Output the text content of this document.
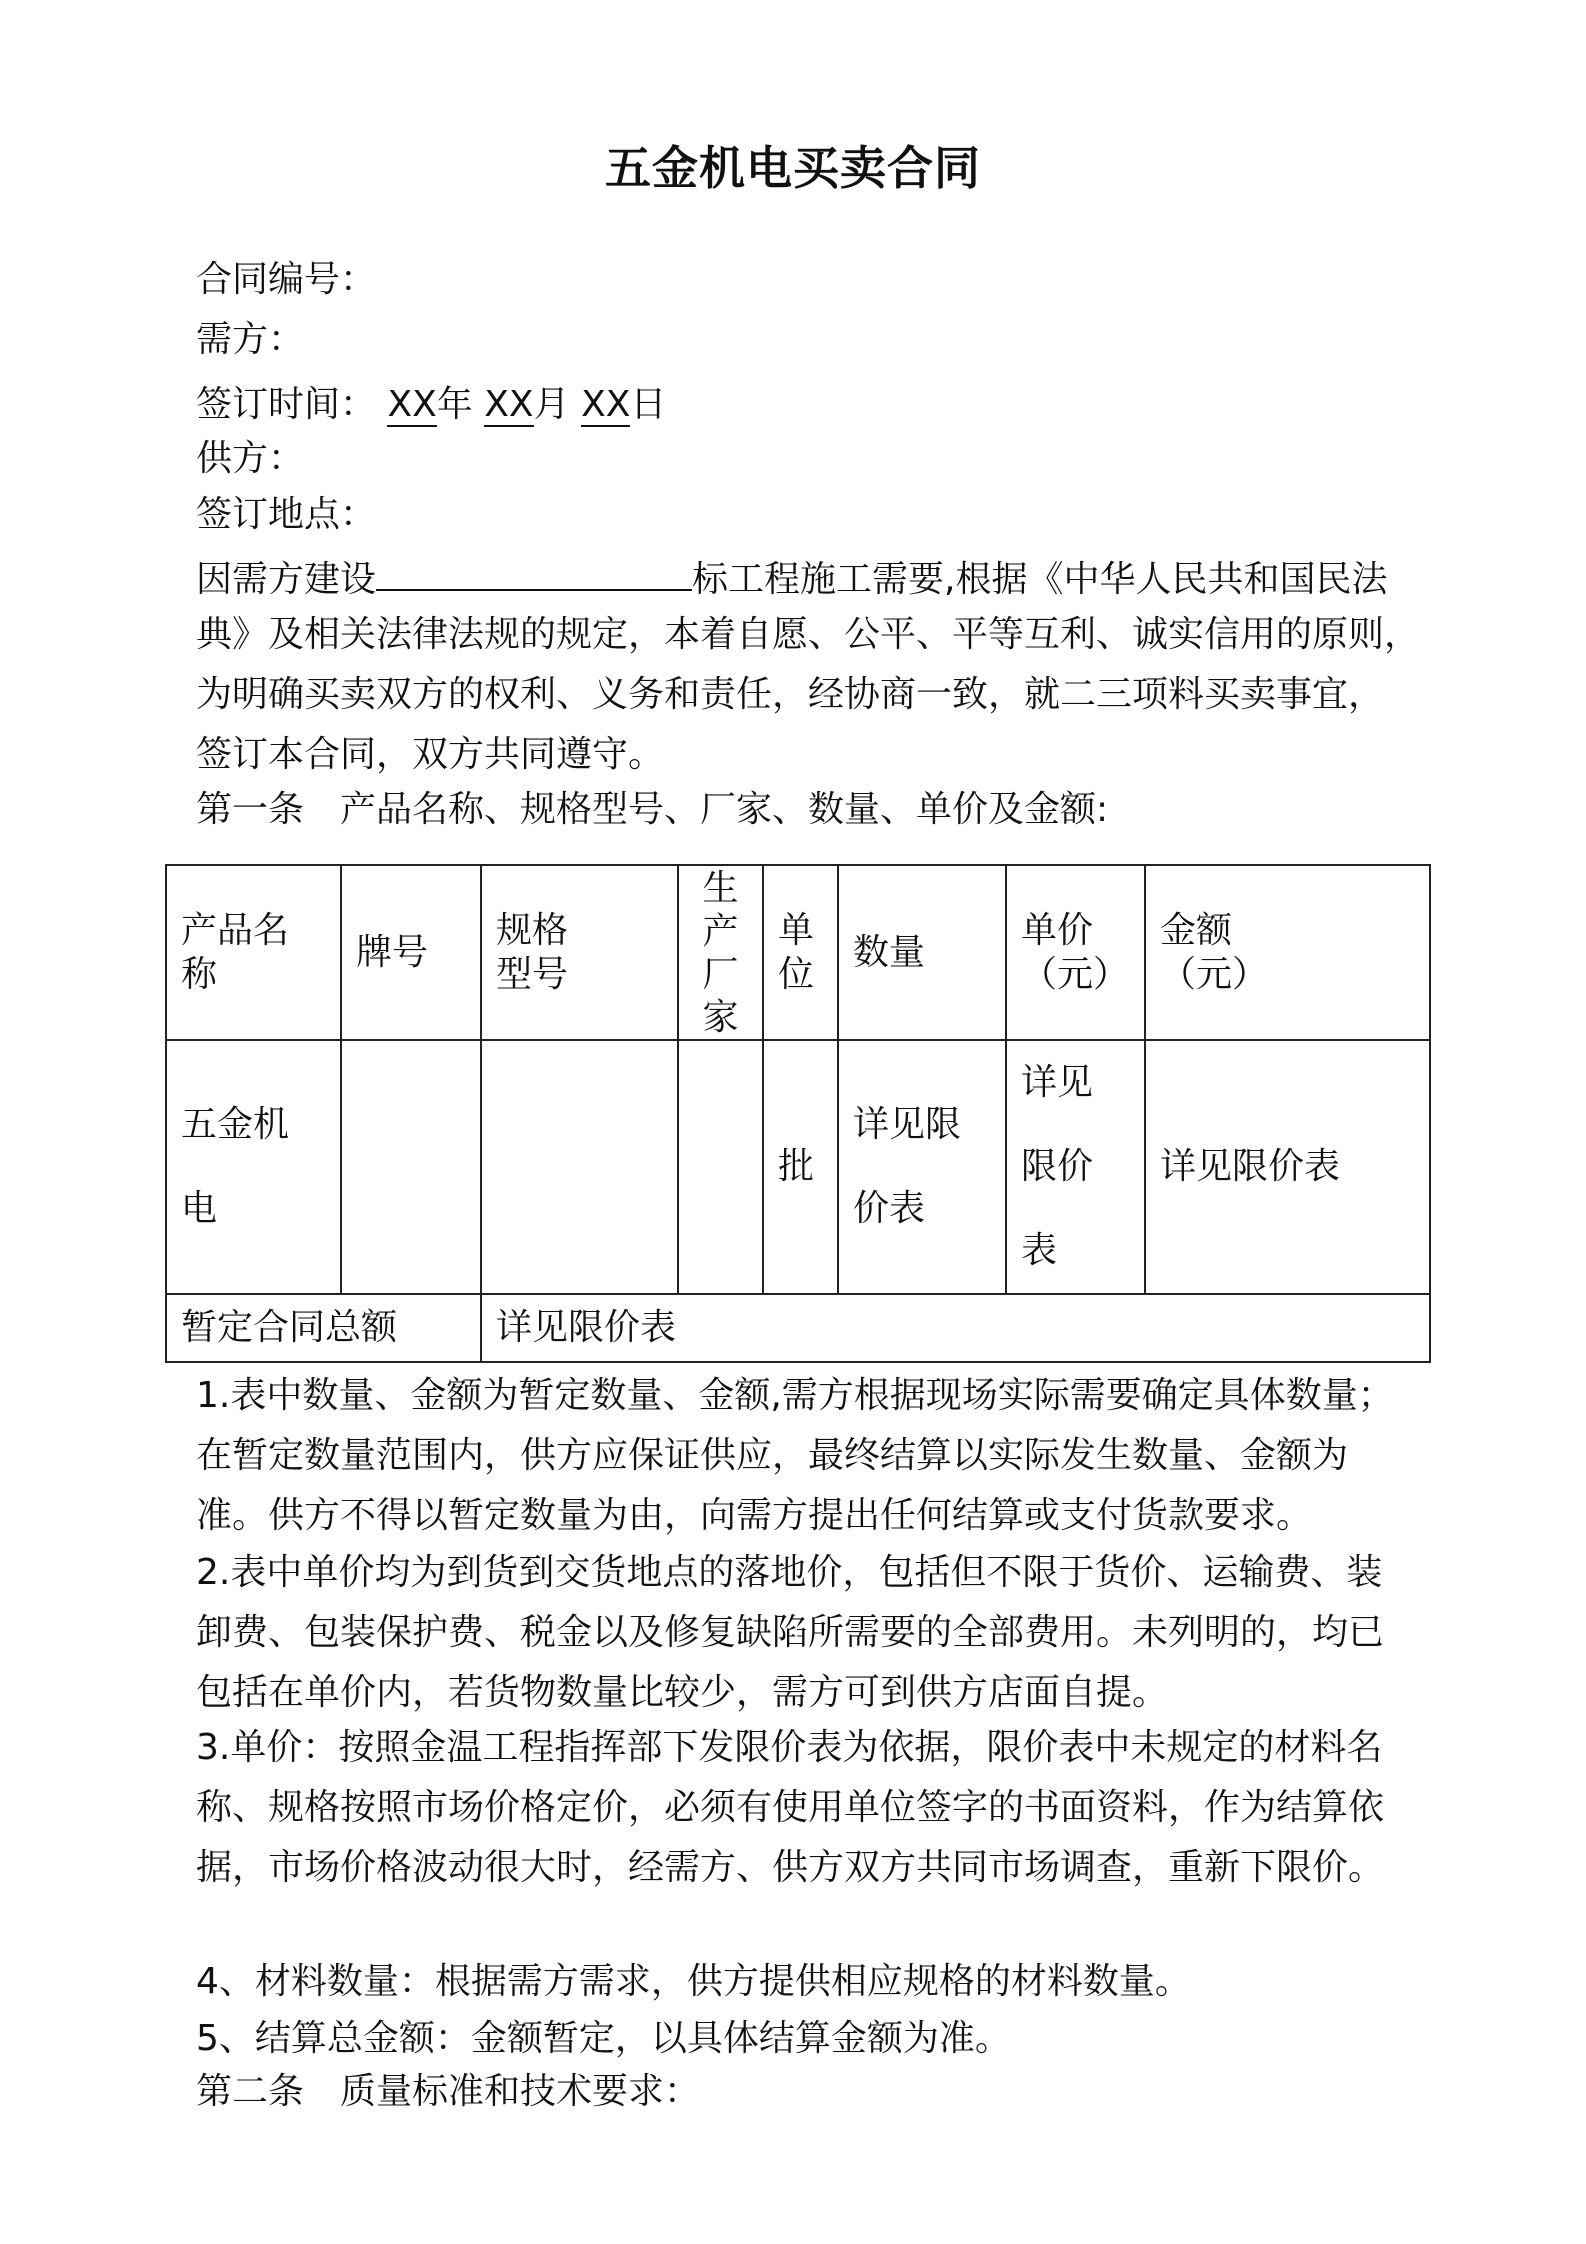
五金机电买卖合同
合同编号：
需方：
签订时间： XX年 XX月 XX日
供方：
签订地点：
因需方建设	标工程施工需要,根据《中华人民共和国民法
典》及相关法律法规的规定，本着自愿、公平、平等互利、诚实信用的原则，
为明确买卖双方的权利、义务和责任，经协商一致，就二三项料买卖事宜，
签订本合同，双方共同遵守。
第一条　产品名称、规格型号、厂家、数量、单价及金额:
产品名称	牌号	规格型号	生产厂家	单位	数量	单价（元）	金额（元）

五金机电				批	详见限价表	详见限价表	详见限价表
暂定合同总额		详见限价表					
1.表中数量、金额为暂定数量、金额,需方根据现场实际需要确定具体数量；在暂定数量范围内，供方应保证供应，最终结算以实际发生数量、金额为准。供方不得以暂定数量为由，向需方提出任何结算或支付货款要求。
2.表中单价均为到货到交货地点的落地价，包括但不限于货价、运输费、装卸费、包装保护费、税金以及修复缺陷所需要的全部费用。未列明的，均已包括在单价内，若货物数量比较少，需方可到供方店面自提。
3.单价：按照金温工程指挥部下发限价表为依据，限价表中未规定的材料名称、规格按照市场价格定价，必须有使用单位签字的书面资料，作为结算依据，市场价格波动很大时，经需方、供方双方共同市场调查，重新下限价。
4、材料数量：根据需方需求，供方提供相应规格的材料数量。
5、结算总金额：金额暂定，以具体结算金额为准。
第二条　质量标准和技术要求：
